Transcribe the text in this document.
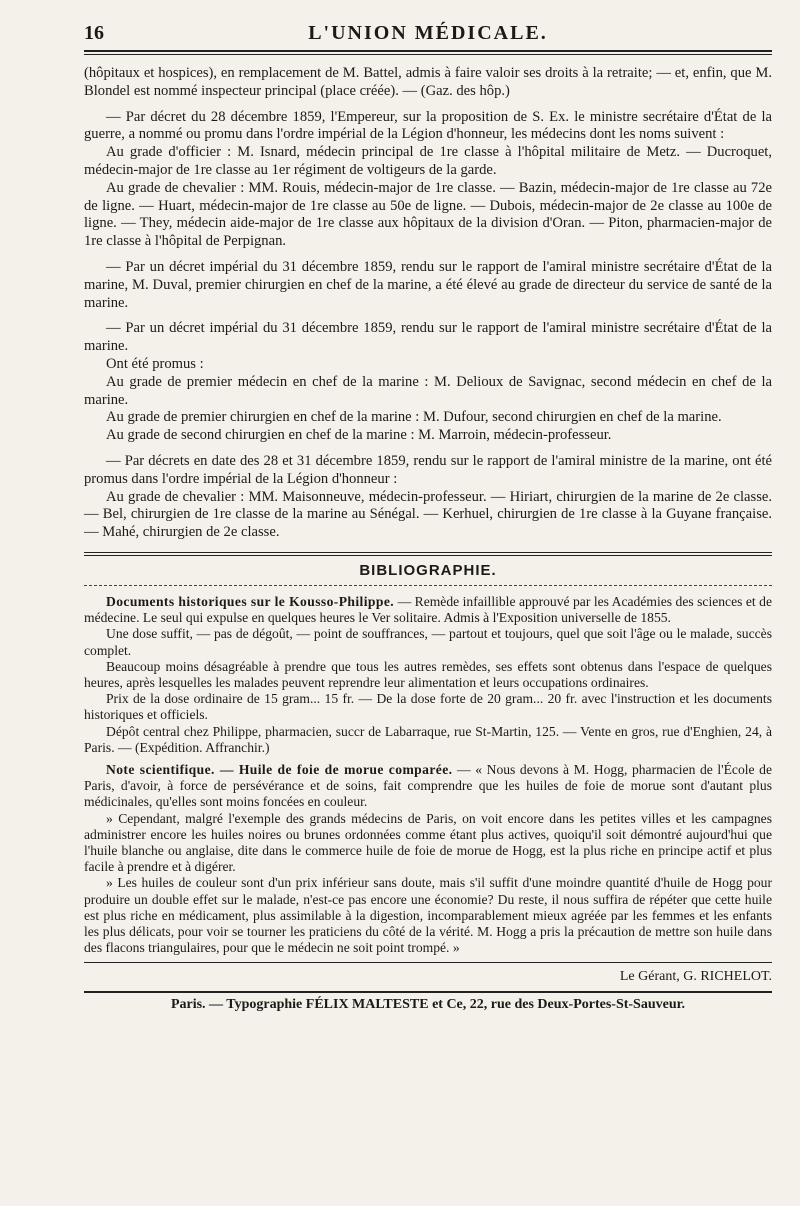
16	L'UNION MÉDICALE.

(hôpitaux et hospices), en remplacement de M. Battel, admis à faire valoir ses droits à la retraite; — et, enfin, que M. Blondel est nommé inspecteur principal (place créée). — (Gaz. des hôp.)

— Par décret du 28 décembre 1859, l'Empereur, sur la proposition de S. Ex. le ministre secrétaire d'État de la guerre, a nommé ou promu dans l'ordre impérial de la Légion d'honneur, les médecins dont les noms suivent :

Au grade d'officier : M. Isnard, médecin principal de 1re classe à l'hôpital militaire de Metz. — Ducroquet, médecin-major de 1re classe au 1er régiment de voltigeurs de la garde.

Au grade de chevalier : MM. Rouis, médecin-major de 1re classe. — Bazin, médecin-major de 1re classe au 72e de ligne. — Huart, médecin-major de 1re classe au 50e de ligne. — Dubois, médecin-major de 2e classe au 100e de ligne. — They, médecin aide-major de 1re classe aux hôpitaux de la division d'Oran. — Piton, pharmacien-major de 1re classe à l'hôpital de Perpignan.

— Par un décret impérial du 31 décembre 1859, rendu sur le rapport de l'amiral ministre secrétaire d'État de la marine, M. Duval, premier chirurgien en chef de la marine, a été élevé au grade de directeur du service de santé de la marine.

— Par un décret impérial du 31 décembre 1859, rendu sur le rapport de l'amiral ministre secrétaire d'État de la marine.

Ont été promus :

Au grade de premier médecin en chef de la marine : M. Delioux de Savignac, second médecin en chef de la marine.

Au grade de premier chirurgien en chef de la marine : M. Dufour, second chirurgien en chef de la marine.

Au grade de second chirurgien en chef de la marine : M. Marroin, médecin-professeur.

— Par décrets en date des 28 et 31 décembre 1859, rendu sur le rapport de l'amiral ministre de la marine, ont été promus dans l'ordre impérial de la Légion d'honneur :

Au grade de chevalier : MM. Maisonneuve, médecin-professeur. — Hiriart, chirurgien de la marine de 2e classe. — Bel, chirurgien de 1re classe de la marine au Sénégal. — Kerhuel, chirurgien de 1re classe à la Guyane française. — Mahé, chirurgien de 2e classe.

BIBLIOGRAPHIE.

Documents historiques sur le Kousso-Philippe. — Remède infaillible approuvé par les Académies des sciences et de médecine. Le seul qui expulse en quelques heures le Ver solitaire. Admis à l'Exposition universelle de 1855.

Une dose suffit, — pas de dégoût, — point de souffrances, — partout et toujours, quel que soit l'âge ou le malade, succès complet.

Beaucoup moins désagréable à prendre que tous les autres remèdes, ses effets sont obtenus dans l'espace de quelques heures, après lesquelles les malades peuvent reprendre leur alimentation et leurs occupations ordinaires.

Prix de la dose ordinaire de 15 gram... 15 fr. — De la dose forte de 20 gram... 20 fr. avec l'instruction et les documents historiques et officiels.

Dépôt central chez Philippe, pharmacien, succr de Labarraque, rue St-Martin, 125. — Vente en gros, rue d'Enghien, 24, à Paris. — (Expédition. Affranchir.)

Note scientifique. — Huile de foie de morue comparée. — « Nous devons à M. Hogg, pharmacien de l'École de Paris, d'avoir, à force de persévérance et de soins, fait comprendre que les huiles de foie de morue sont d'autant plus médicinales, qu'elles sont moins foncées en couleur.

» Cependant, malgré l'exemple des grands médecins de Paris, on voit encore dans les petites villes et les campagnes administrer encore les huiles noires ou brunes ordonnées comme étant plus actives, quoiqu'il soit démontré aujourd'hui que l'huile blanche ou anglaise, dite dans le commerce huile de foie de morue de Hogg, est la plus riche en principe actif et plus facile à prendre et à digérer.

» Les huiles de couleur sont d'un prix inférieur sans doute, mais s'il suffit d'une moindre quantité d'huile de Hogg pour produire un double effet sur le malade, n'est-ce pas encore une économie? Du reste, il nous suffira de répéter que cette huile est plus riche en médicament, plus assimilable à la digestion, incomparablement mieux agréée par les femmes et les enfants les plus délicats, pour voir se tourner les praticiens du côté de la vérité. M. Hogg a pris la précaution de mettre son huile dans des flacons triangulaires, pour que le médecin ne soit point trompé. »

Le Gérant, G. RICHELOT.
Paris. — Typographie FÉLIX MALTESTE et Ce, 22, rue des Deux-Portes-St-Sauveur.
